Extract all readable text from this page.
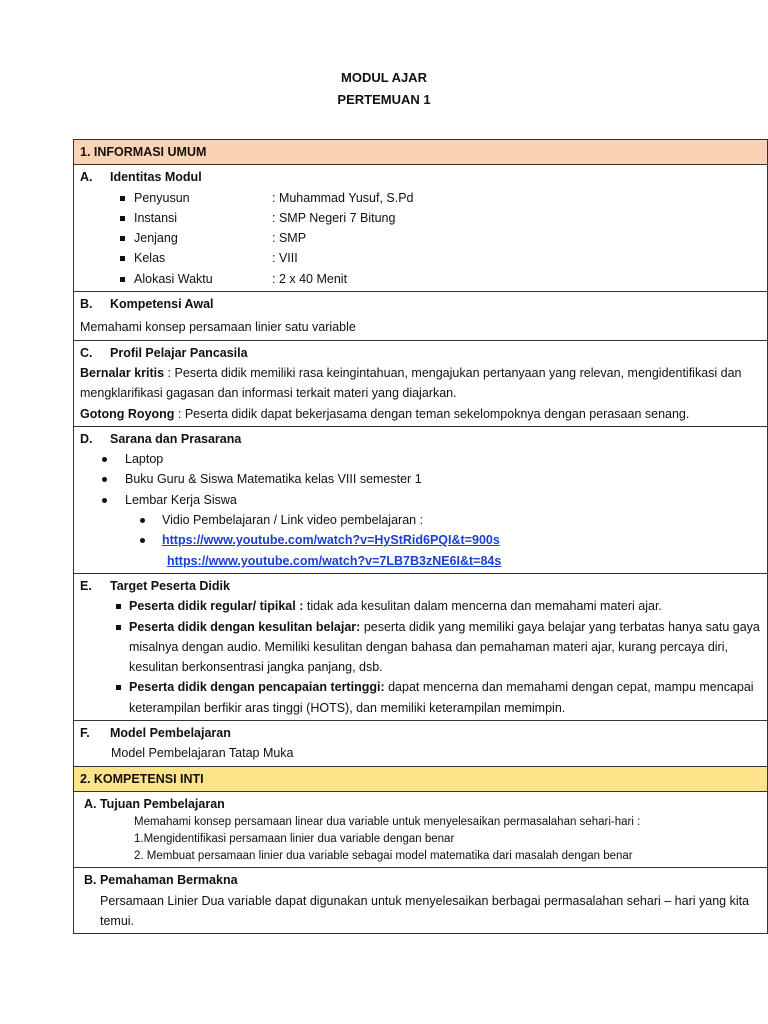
MODUL AJAR
PERTEMUAN 1
1. INFORMASI UMUM

A. Identitas Modul
Penyusun	: Muhammad Yusuf, S.Pd
Instansi	: SMP Negeri 7 Bitung
Jenjang	: SMP
Kelas	: VIII
Alokasi Waktu	: 2 x 40 Menit

B. Kompetensi Awal
Memahami konsep persamaan linier satu variable

C. Profil Pelajar Pancasila
Bernalar kritis : Peserta didik memiliki rasa keingintahuan, mengajukan pertanyaan yang relevan, mengidentifikasi dan mengklarifikasi gagasan dan informasi terkait materi yang diajarkan.
Gotong Royong : Peserta didik dapat bekerjasama dengan teman sekelompoknya dengan perasaan senang.

D. Sarana dan Prasarana
Laptop
Buku Guru & Siswa Matematika kelas VIII semester 1
Lembar Kerja Siswa
Vidio Pembelajaran / Link video pembelajaran :
https://www.youtube.com/watch?v=HyStRid6PQI&t=900s
https://www.youtube.com/watch?v=7LB7B3zNE6I&t=84s

E. Target Peserta Didik
Peserta didik regular/ tipikal : tidak ada kesulitan dalam mencerna dan memahami materi ajar.
Peserta didik dengan kesulitan belajar: peserta didik yang memiliki gaya belajar yang terbatas hanya satu gaya misalnya dengan audio. Memiliki kesulitan dengan bahasa dan pemahaman materi ajar, kurang percaya diri, kesulitan berkonsentrasi jangka panjang, dsb.
Peserta didik dengan pencapaian tertinggi: dapat mencerna dan memahami dengan cepat, mampu mencapai keterampilan berfikir aras tinggi (HOTS), dan memiliki keterampilan memimpin.

F. Model Pembelajaran
Model Pembelajaran Tatap Muka

2. KOMPETENSI INTI

A. Tujuan Pembelajaran
Memahami konsep persamaan linear dua variable untuk menyelesaikan permasalahan sehari-hari :
1.Mengidentifikasi persamaan linier dua variable dengan benar
2. Membuat persamaan linier dua variable sebagai model matematika dari masalah dengan benar

B. Pemahaman Bermakna
Persamaan Linier Dua variable dapat digunakan untuk menyelesaikan berbagai permasalahan sehari – hari yang kita temui.
